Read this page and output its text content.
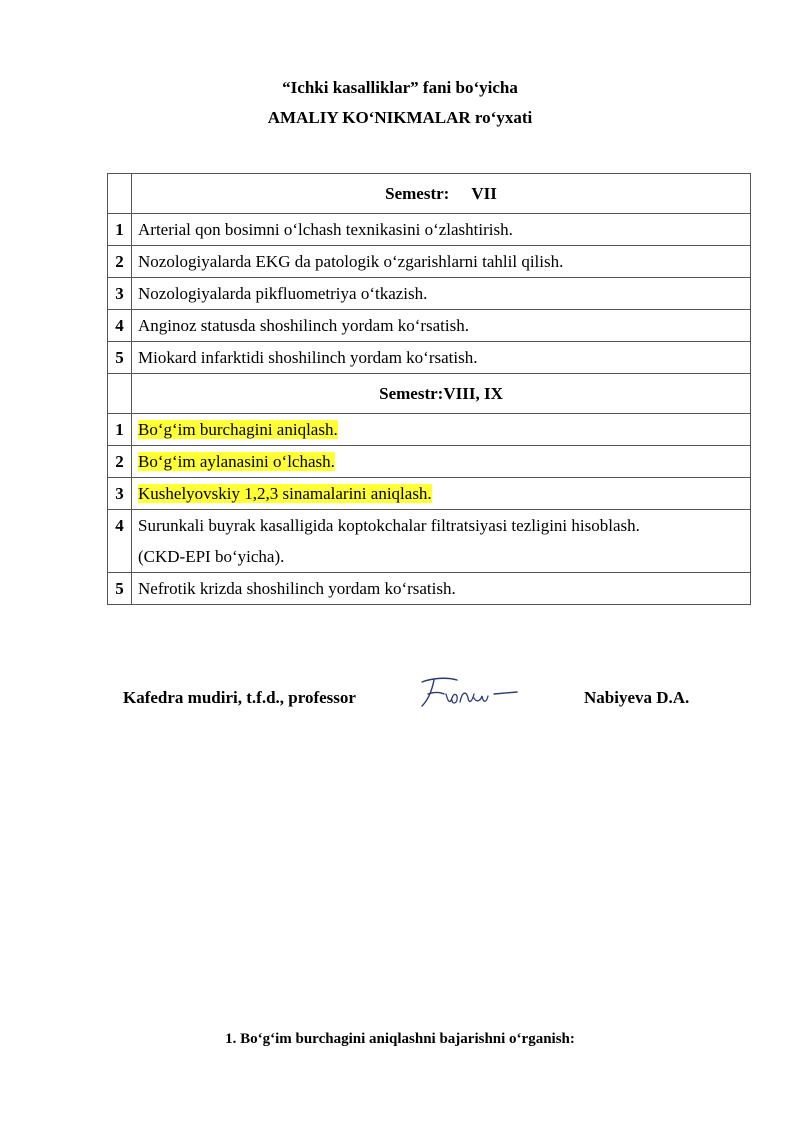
“Ichki kasalliklar” fani bo‘yicha
AMALIY KO‘NIKMALAR ro‘yxati
	Semestr: VII
1	Arterial qon bosimni o‘lchash texnikasini o‘zlashtirish.
2	Nozologiyalarda EKG da patologik o‘zgarishlarni tahlil qilish.
3	Nozologiyalarda pikfluometriya o‘tkazish.
4	Anginoz statusda shoshilinch yordam ko‘rsatish.
5	Miokard infarktidi shoshilinch yordam ko‘rsatish.
	Semestr:VIII, IX
1	Bo‘g‘im burchagini aniqlash.
2	Bo‘g‘im aylanasini o‘lchash.
3	Kushelyovskiy 1,2,3 sinamalarini aniqlash.
4	Surunkali buyrak kasalligida koptokchalar filtratsiyasi tezligini hisoblash.
(CKD-EPI bo‘yicha).

5	Nefrotik krizda shoshilinch yordam ko‘rsatish.
Kafedra mudiri, t.f.d., professor	Nabiyeva D.A.
1. Bo‘g‘im burchagini aniqlashni bajarishni o‘rganish:
